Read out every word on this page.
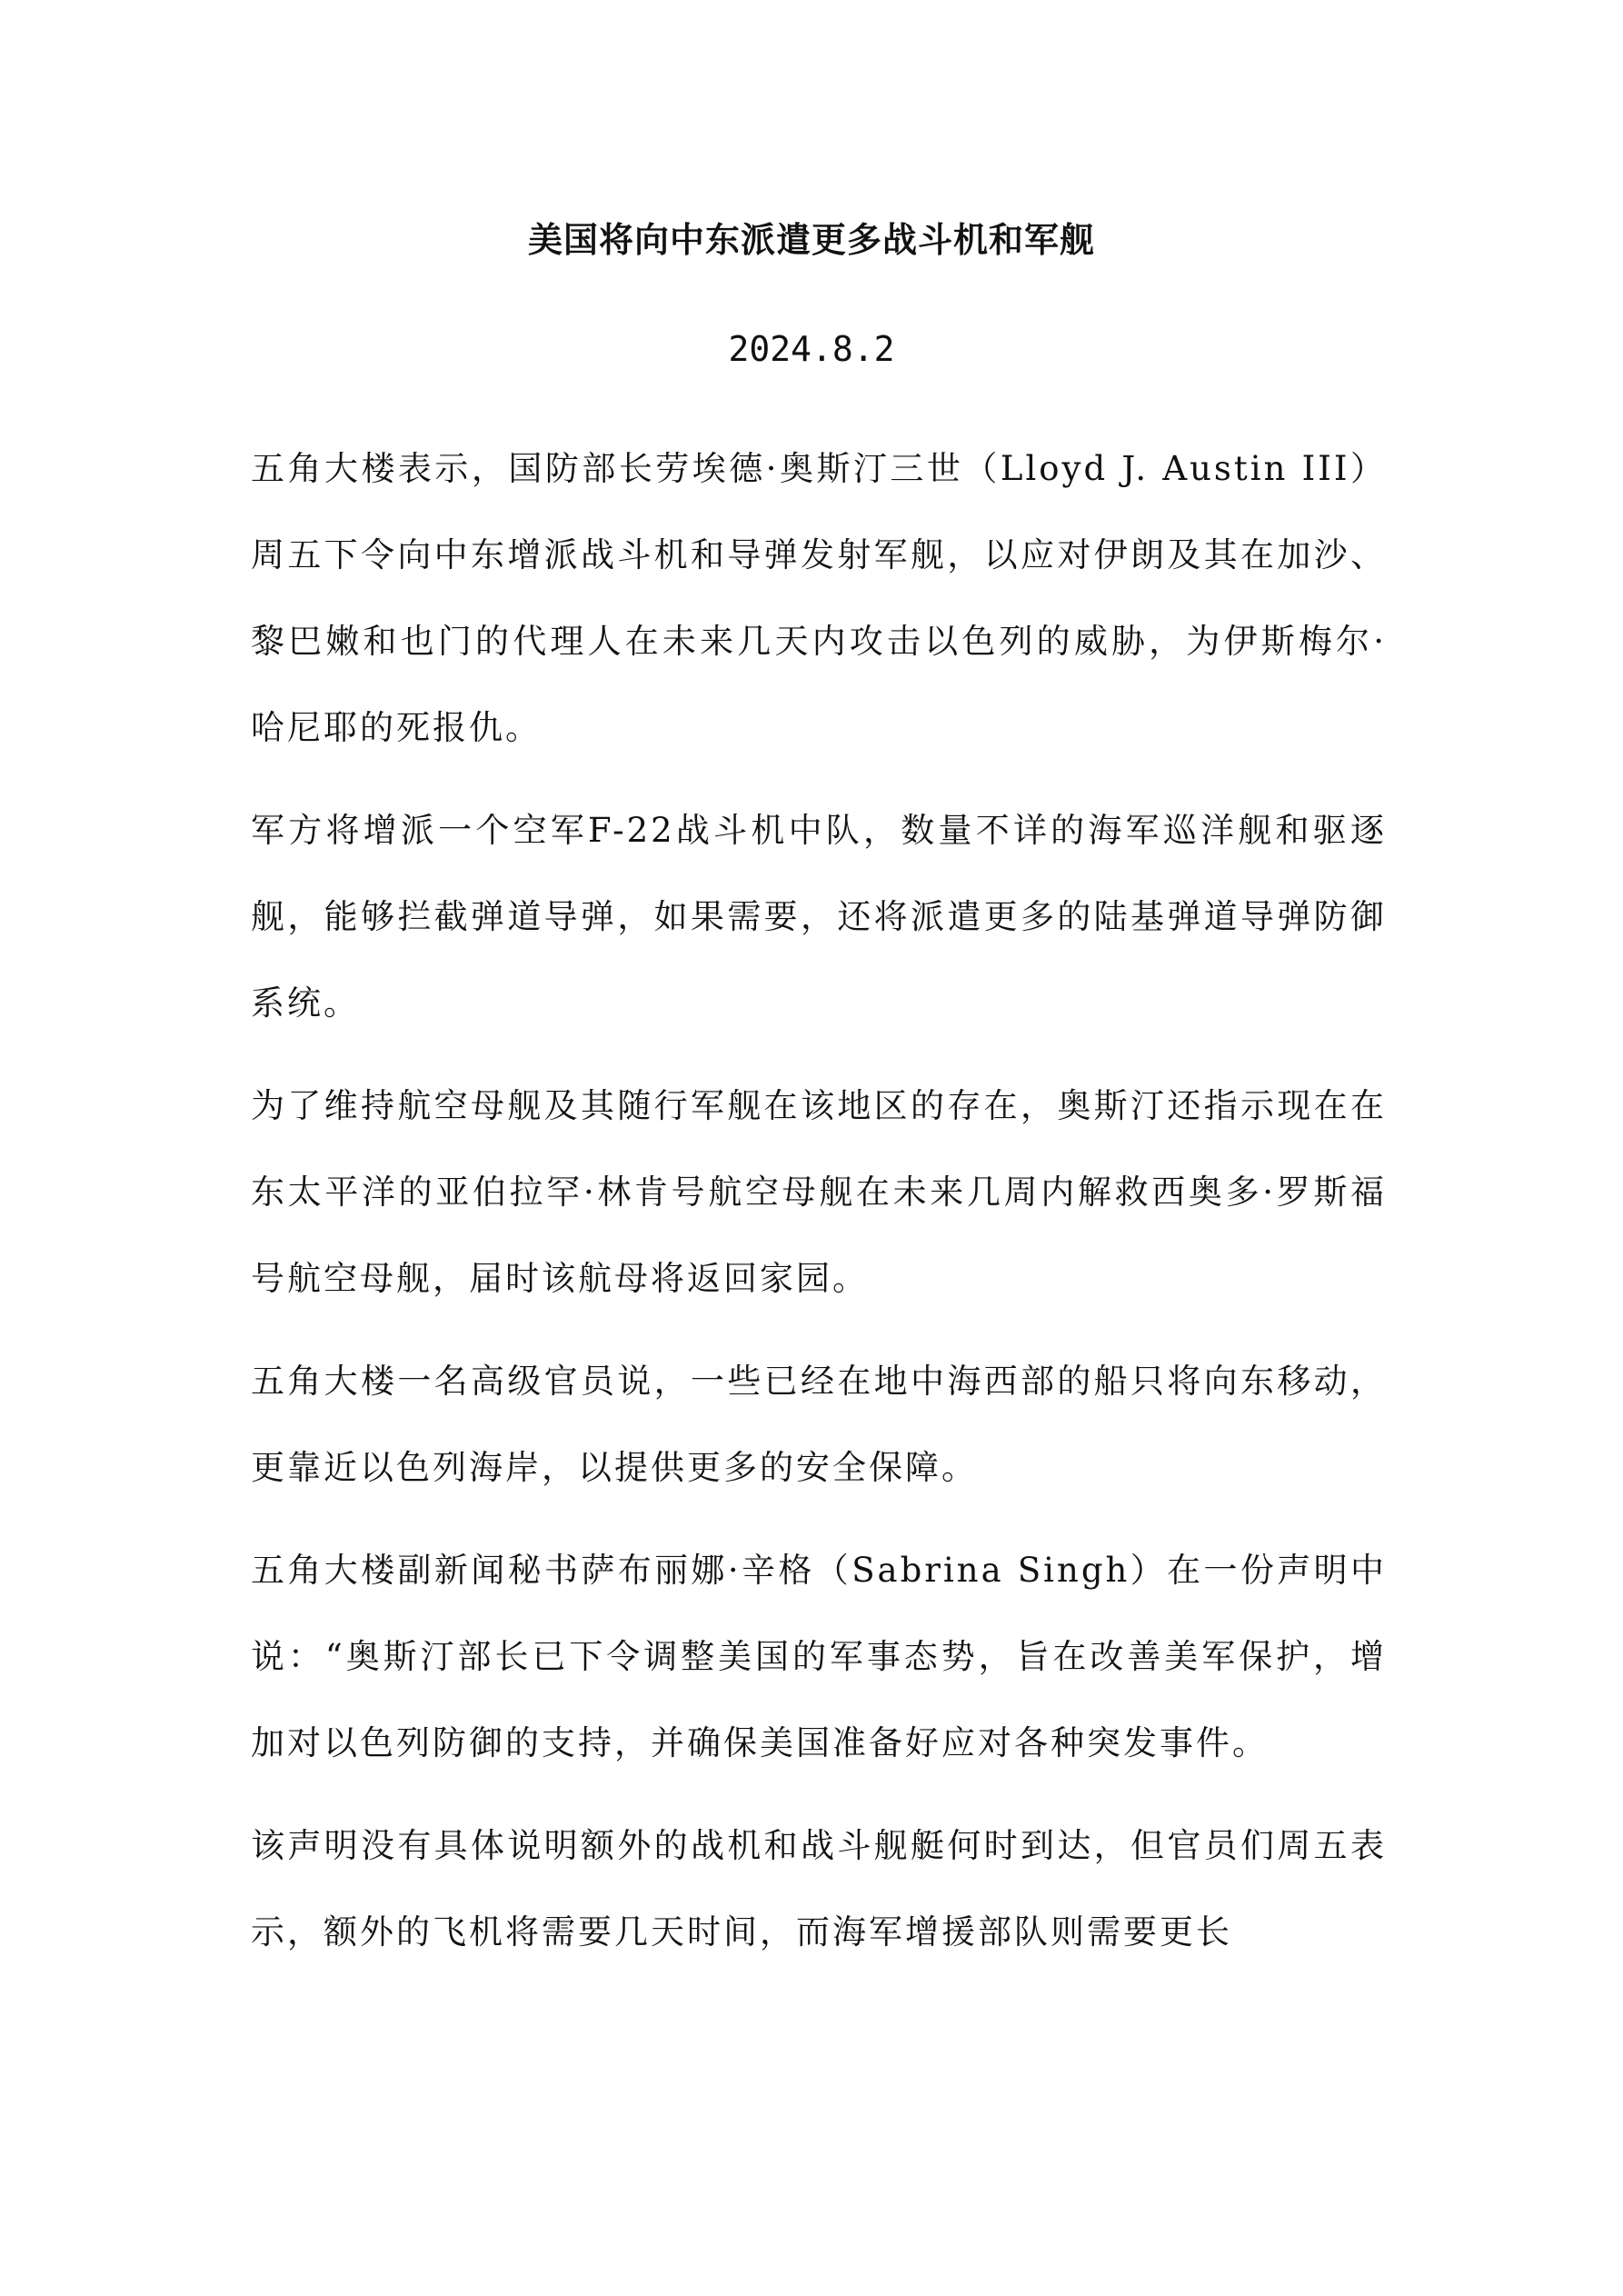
美国将向中东派遣更多战斗机和军舰
2024.8.2

五角大楼表示，国防部长劳埃德·奥斯汀三世（Lloyd J. Austin III）周五下令向中东增派战斗机和导弹发射军舰，以应对伊朗及其在加沙、黎巴嫩和也门的代理人在未来几天内攻击以色列的威胁，为伊斯梅尔·哈尼耶的死报仇。

军方将增派一个空军F-22战斗机中队，数量不详的海军巡洋舰和驱逐舰，能够拦截弹道导弹，如果需要，还将派遣更多的陆基弹道导弹防御系统。

为了维持航空母舰及其随行军舰在该地区的存在，奥斯汀还指示现在在东太平洋的亚伯拉罕·林肯号航空母舰在未来几周内解救西奥多·罗斯福号航空母舰，届时该航母将返回家园。

五角大楼一名高级官员说，一些已经在地中海西部的船只将向东移动，更靠近以色列海岸，以提供更多的安全保障。

五角大楼副新闻秘书萨布丽娜·辛格（Sabrina Singh）在一份声明中说：“奥斯汀部长已下令调整美国的军事态势，旨在改善美军保护，增加对以色列防御的支持，并确保美国准备好应对各种突发事件。

该声明没有具体说明额外的战机和战斗舰艇何时到达，但官员们周五表示，额外的飞机将需要几天时间，而海军增援部队则需要更长
